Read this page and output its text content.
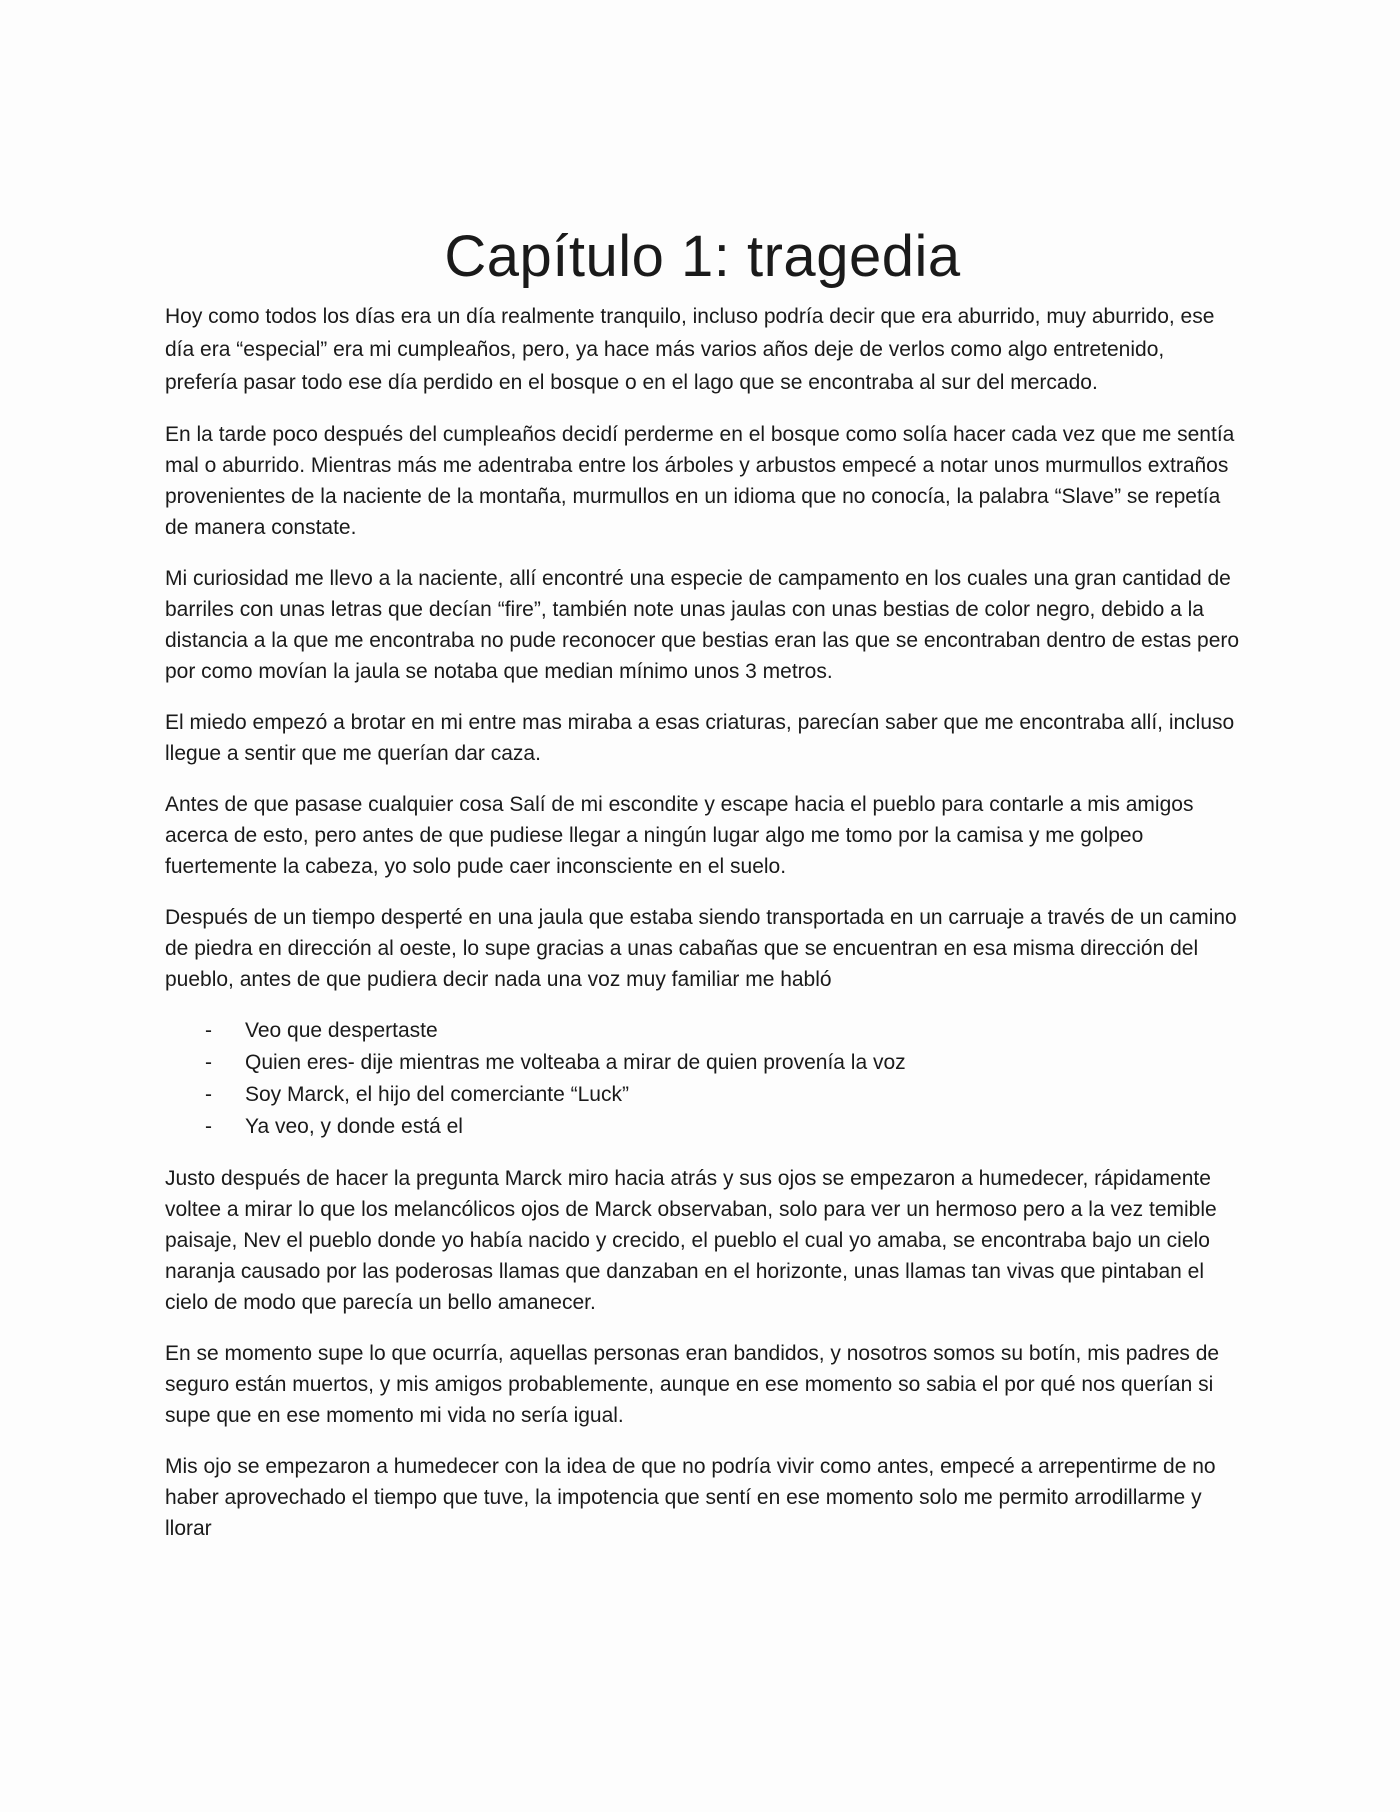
Capítulo 1: tragedia

Hoy como todos los días era un día realmente tranquilo, incluso podría decir que era aburrido, muy aburrido, ese día era “especial” era mi cumpleaños, pero, ya hace más varios años deje de verlos como algo entretenido, prefería pasar todo ese día perdido en el bosque o en el lago que se encontraba al sur del mercado.

En la tarde poco después del cumpleaños decidí perderme en el bosque como solía hacer cada vez que me sentía mal o aburrido. Mientras más me adentraba entre los árboles y arbustos empecé a notar unos murmullos extraños provenientes de la naciente de la montaña, murmullos en un idioma que no conocía, la palabra “Slave” se repetía de manera constate.

Mi curiosidad me llevo a la naciente, allí encontré una especie de campamento en los cuales una gran cantidad de barriles con unas letras que decían “fire”, también note unas jaulas con unas bestias de color negro, debido a la distancia a la que me encontraba no pude reconocer que bestias eran las que se encontraban dentro de estas pero por como movían la jaula se notaba que median mínimo unos 3 metros.

El miedo empezó a brotar en mi entre mas miraba a esas criaturas, parecían saber que me encontraba allí, incluso llegue a sentir que me querían dar caza.

Antes de que pasase cualquier cosa Salí de mi escondite y escape hacia el pueblo para contarle a mis amigos acerca de esto, pero antes de que pudiese llegar a ningún lugar algo me tomo por la camisa y me golpeo fuertemente la cabeza, yo solo pude caer inconsciente en el suelo.

Después de un tiempo desperté en una jaula que estaba siendo transportada en un carruaje a través de un camino de piedra en dirección al oeste, lo supe gracias a unas cabañas que se encuentran en esa misma dirección del pueblo, antes de que pudiera decir nada una voz muy familiar me habló

-	Veo que despertaste
-	Quien eres- dije mientras me volteaba a mirar de quien provenía la voz
-	Soy Marck, el hijo del comerciante “Luck”
-	Ya veo, y donde está el

Justo después de hacer la pregunta Marck miro hacia atrás y sus ojos se empezaron a humedecer, rápidamente voltee a mirar lo que los melancólicos ojos de Marck observaban, solo para ver un hermoso pero a la vez temible paisaje, Nev el pueblo donde yo había nacido y crecido, el pueblo el cual yo amaba, se encontraba bajo un cielo naranja causado por las poderosas llamas que danzaban en el horizonte, unas llamas tan vivas que pintaban el cielo de modo que parecía un bello amanecer.

En se momento supe lo que ocurría, aquellas personas eran bandidos, y nosotros somos su botín, mis padres de seguro están muertos, y mis amigos probablemente, aunque en ese momento so sabia el por qué nos querían si supe que en ese momento mi vida no sería igual.

Mis ojo se empezaron a humedecer con la idea de que no podría vivir como antes, empecé a arrepentirme de no haber aprovechado el tiempo que tuve, la impotencia que sentí en ese momento solo me permito arrodillarme y llorar
